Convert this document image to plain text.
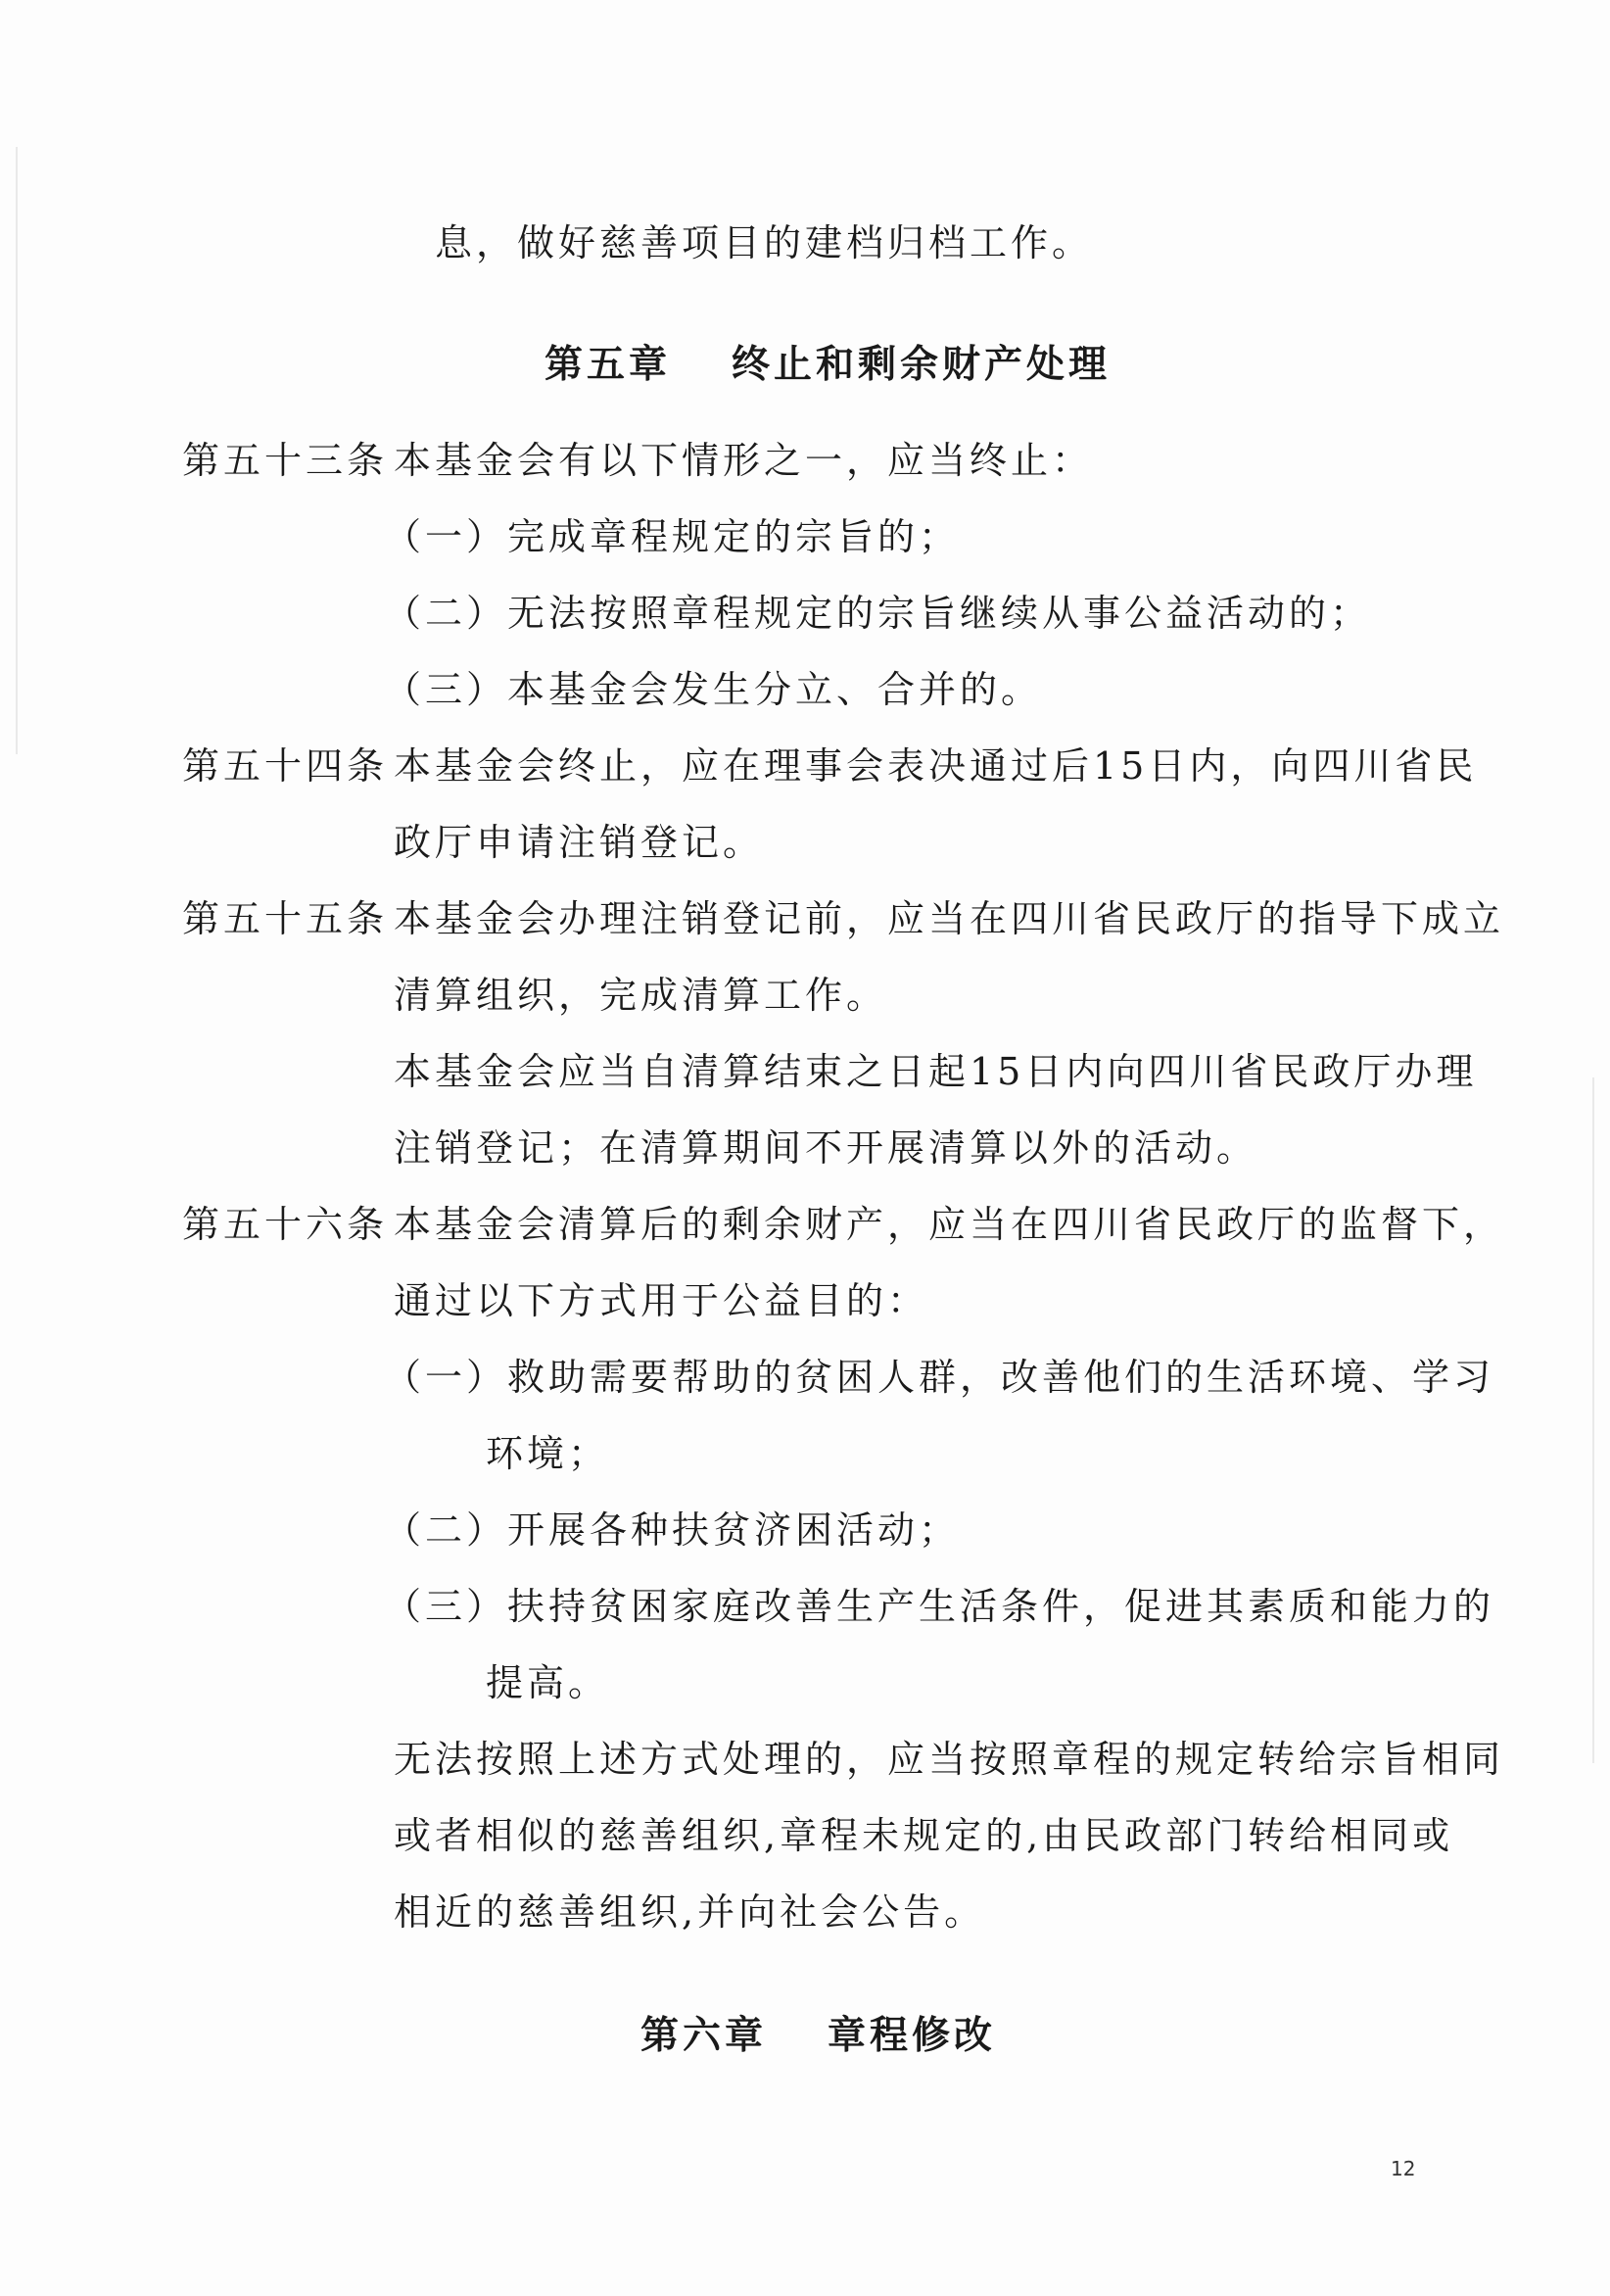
息，做好慈善项目的建档归档工作。
第五章 终止和剩余财产处理
第五十三条 本基金会有以下情形之一，应当终止：
（一）完成章程规定的宗旨的；
（二）无法按照章程规定的宗旨继续从事公益活动的；
（三）本基金会发生分立、合并的。
第五十四条 本基金会终止，应在理事会表决通过后15日内，向四川省民
政厅申请注销登记。
第五十五条 本基金会办理注销登记前，应当在四川省民政厅的指导下成立
清算组织，完成清算工作。
本基金会应当自清算结束之日起15日内向四川省民政厅办理
注销登记；在清算期间不开展清算以外的活动。
第五十六条 本基金会清算后的剩余财产，应当在四川省民政厅的监督下，
通过以下方式用于公益目的：
（一）救助需要帮助的贫困人群，改善他们的生活环境、学习
环境；
（二）开展各种扶贫济困活动；
（三）扶持贫困家庭改善生产生活条件，促进其素质和能力的
提高。
无法按照上述方式处理的，应当按照章程的规定转给宗旨相同
或者相似的慈善组织,章程未规定的,由民政部门转给相同或
相近的慈善组织,并向社会公告。
第六章 章程修改
12
